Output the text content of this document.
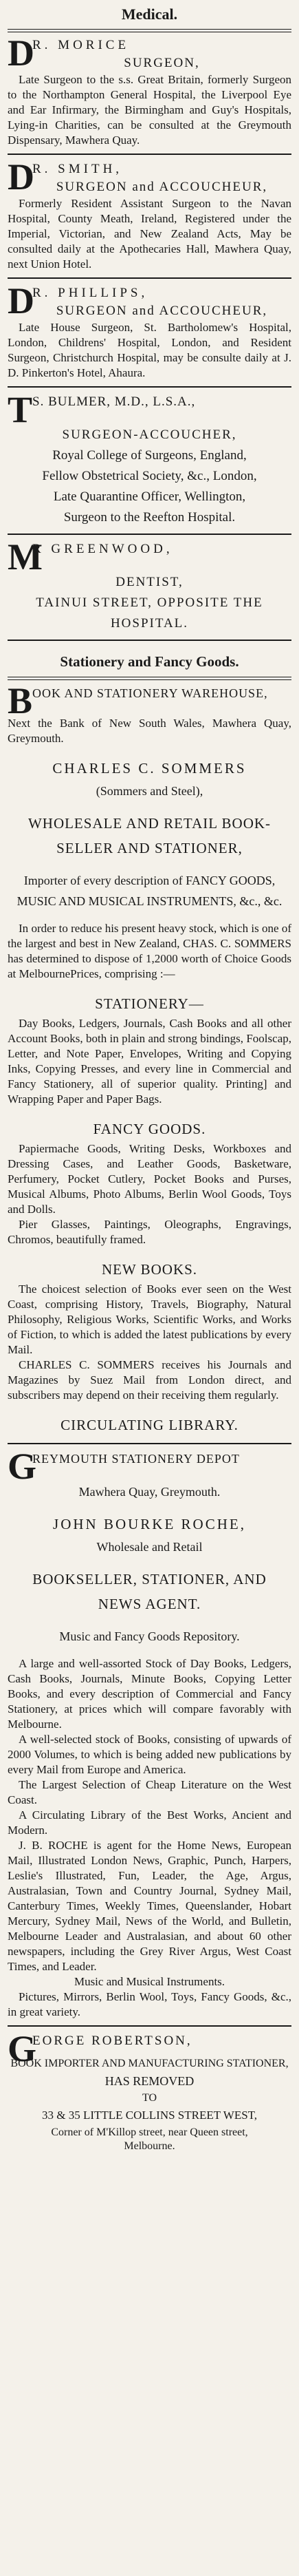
Medical.
D
R. MORICE
SURGEON,

Late Surgeon to the s.s. Great Britain, formerly Surgeon to the Northampton General Hospital, the Liverpool Eye and Ear Infirmary, the Birmingham and Guy's Hospitals, Lying-in Charities, can be consulted at the Greymouth Dispensary, Mawhera Quay.

D
R. SMITH,
SURGEON and ACCOUCHEUR,

Formerly Resident Assistant Surgeon to the Navan Hospital, County Meath, Ireland, Registered under the Imperial, Victorian, and New Zealand Acts, May be consulted daily at the Apothecaries Hall, Mawhera Quay, next Union Hotel.

D
R. PHILLIPS,
SURGEON and ACCOUCHEUR,

Late House Surgeon, St. Bartholomew's Hospital, London, Childrens' Hospital, London, and Resident Surgeon, Christchurch Hospital, may be consulte daily at J. D. Pinkerton's Hotel, Ahaura.

T S. BULMER, M.D., L.S.A.,

SURGEON-ACCOUCHER,

Royal College of Surgeons, England,

Fellow Obstetrical Society, &c., London,

Late Quarantine Officer, Wellington,

Surgeon to the Reefton Hospital.

M
R GREENWOOD,

DENTIST,

TAINUI STREET, OPPOSITE THE

HOSPITAL.

Stationery and Fancy Goods.
B OOK AND STATIONERY WAREHOUSE,

Next the Bank of New South Wales, Mawhera Quay, Greymouth.

CHARLES C. SOMMERS

(Sommers and Steel),

WHOLESALE AND RETAIL BOOK-

SELLER AND STATIONER,

Importer of every description of FANCY GOODS,

MUSIC AND MUSICAL INSTRUMENTS, &c., &c.

In order to reduce his present heavy stock, which is one of the largest and best in New Zealand, CHAS. C. SOMMERS has determined to dispose of 1,2000 worth of Choice Goods at MelbournePrices, comprising :—

STATIONERY—

Day Books, Ledgers, Journals, Cash Books and all other Account Books, both in plain and strong bindings, Foolscap, Letter, and Note Paper, Envelopes, Writing and Copying Inks, Copying Presses, and every line in Commercial and Fancy Stationery, all of superior quality. Printing] and Wrapping Paper and Paper Bags.

FANCY GOODS.

Papiermache Goods, Writing Desks, Workboxes and Dressing Cases, and Leather Goods, Basketware, Perfumery, Pocket Cutlery, Pocket Books and Purses, Musical Albums, Photo Albums, Berlin Wool Goods, Toys and Dolls.

Pier Glasses, Paintings, Oleographs, Engravings, Chromos, beautifully framed.

NEW BOOKS.

The choicest selection of Books ever seen on the West Coast, comprising History, Travels, Biography, Natural Philosophy, Religious Works, Scientific Works, and Works of Fiction, to which is added the latest publications by every Mail.

CHARLES C. SOMMERS receives his Journals and Magazines by Suez Mail from London direct, and subscribers may depend on their receiving them regularly.

CIRCULATING LIBRARY.

G
REYMOUTH STATIONERY DEPOT

Mawhera Quay, Greymouth.

JOHN BOURKE ROCHE,

Wholesale and Retail

BOOKSELLER, STATIONER, AND

NEWS AGENT.

Music and Fancy Goods Repository.

A large and well-assorted Stock of Day Books, Ledgers, Cash Books, Journals, Minute Books, Copying Letter Books, and every description of Commercial and Fancy Stationery, at prices which will compare favorably with Melbourne.

A well-selected stock of Books, consisting of upwards of 2000 Volumes, to which is being added new publications by every Mail from Europe and America.

The Largest Selection of Cheap Literature on the West Coast.

A Circulating Library of the Best Works, Ancient and Modern.

J. B. ROCHE is agent for the Home News, European Mail, Illustrated London News, Graphic, Punch, Harpers, Leslie's Illustrated, Fun, Leader, the Age, Argus, Australasian, Town and Country Journal, Sydney Mail, Canterbury Times, Weekly Times, Queenslander, Hobart Mercury, Sydney Mail, News of the World, and Bulletin, Melbourne Leader and Australasian, and about 60 other newspapers, including the Grey River Argus, West Coast Times, and Leader.

Music and Musical Instruments.

Pictures, Mirrors, Berlin Wool, Toys, Fancy Goods, &c., in great variety.

G
EORGE ROBERTSON,

BOOK IMPORTER AND MANUFACTURING STATIONER,

HAS REMOVED

TO

33 & 35 LITTLE COLLINS STREET WEST,

Corner of M'Killop street, near Queen street,

Melbourne.
